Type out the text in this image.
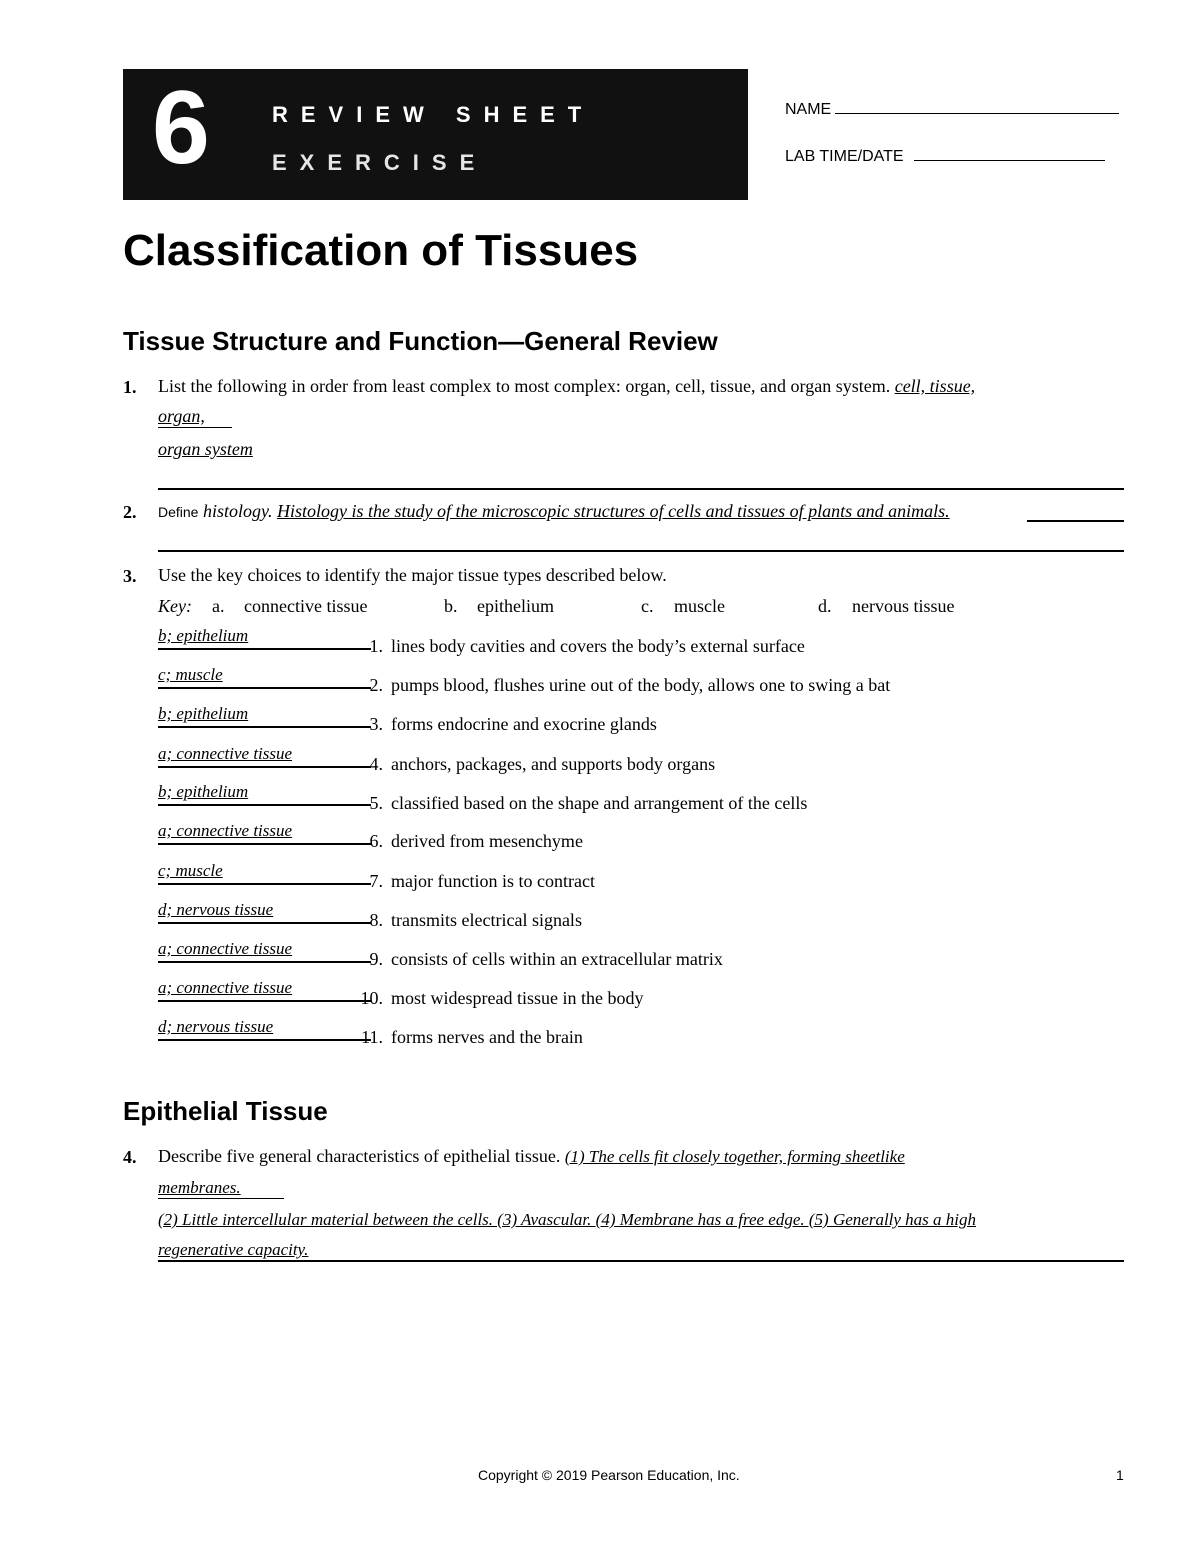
6	REVIEW SHEET
EXERCISE
NAME
LAB TIME/DATE
Classification of Tissues
Tissue Structure and Function—General Review
1. List the following in order from least complex to most complex: organ, cell, tissue, and organ system. cell, tissue,
organ,
organ system
2. Define histology. Histology is the study of the microscopic structures of cells and tissues of plants and animals.
3. Use the key choices to identify the major tissue types described below.
Key: a. connective tissue	b. epithelium	c. muscle	d. nervous tissue
b; epithelium
1. lines body cavities and covers the body’s external surface
c; muscle
2. pumps blood, flushes urine out of the body, allows one to swing a bat
b; epithelium
3. forms endocrine and exocrine glands
a; connective tissue
4. anchors, packages, and supports body organs
b; epithelium
5. classified based on the shape and arrangement of the cells
a; connective tissue
6. derived from mesenchyme
c; muscle
7. major function is to contract
d; nervous tissue
8. transmits electrical signals
a; connective tissue
9. consists of cells within an extracellular matrix
a; connective tissue
10. most widespread tissue in the body
d; nervous tissue
11. forms nerves and the brain
Epithelial Tissue
4. Describe five general characteristics of epithelial tissue. (1) The cells fit closely together, forming sheetlike
membranes.
(2) Little intercellular material between the cells. (3) Avascular. (4) Membrane has a free edge. (5) Generally has a high
regenerative capacity.
Copyright © 2019 Pearson Education, Inc.	1
